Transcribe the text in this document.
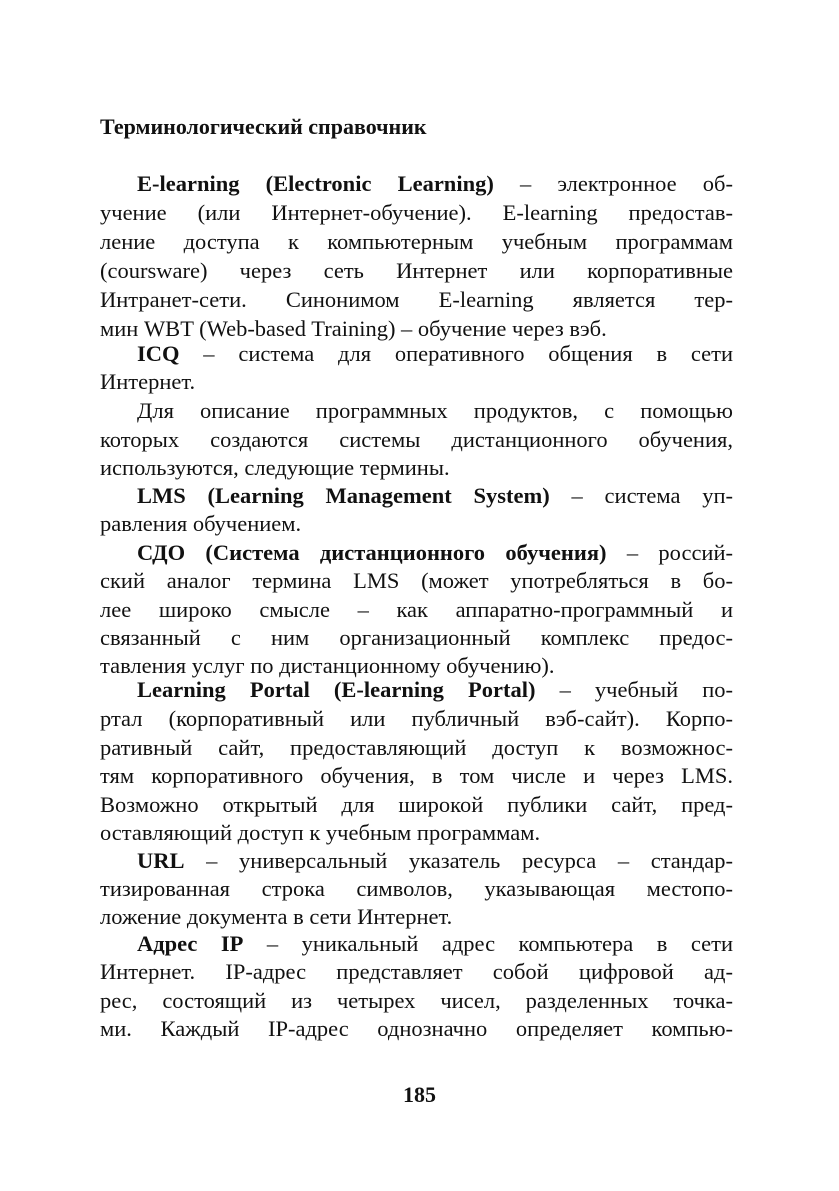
Терминологический справочник
E-learning (Electronic Learning) – электронное об-
учение (или Интернет-обучение). E-learning предостав-
ление доступа к компьютерным учебным программам
(courswаre) через сеть Интернет или корпоративные
Интранет-сети. Синонимом E-learning является тер-
мин WBT (Web-based Training) – обучение через вэб.
ICQ – система для оперативного общения в сети
Интернет.
Для описание программных продуктов, с помощью
которых создаются системы дистанционного обучения,
используются, следующие термины.
LMS (Learning Management System) – система уп-
равления обучением.
СДО (Система дистанционного обучения) – россий-
ский аналог термина LMS (может употребляться в бо-
лее широко смысле – как аппаратно-программный и
связанный с ним организационный комплекс предос-
тавления услуг по дистанционному обучению).
Learning Portal (E-learning Portal) – учебный по-
ртал (корпоративный или публичный вэб-сайт). Корпо-
ративный сайт, предоставляющий доступ к возможнос-
тям корпоративного обучения, в том числе и через LMS.
Возможно открытый для широкой публики сайт, пред-
оставляющий доступ к учебным программам.
URL – универсальный указатель ресурса – стандар-
тизированная строка символов, указывающая местопо-
ложение документа в сети Интернет.
Адрес IP – уникальный адрес компьютера в сети
Интернет. IP-адрес представляет собой цифровой ад-
рес, состоящий из четырех чисел, разделенных точка-
ми. Каждый IP-адрес однозначно определяет компью-
185
